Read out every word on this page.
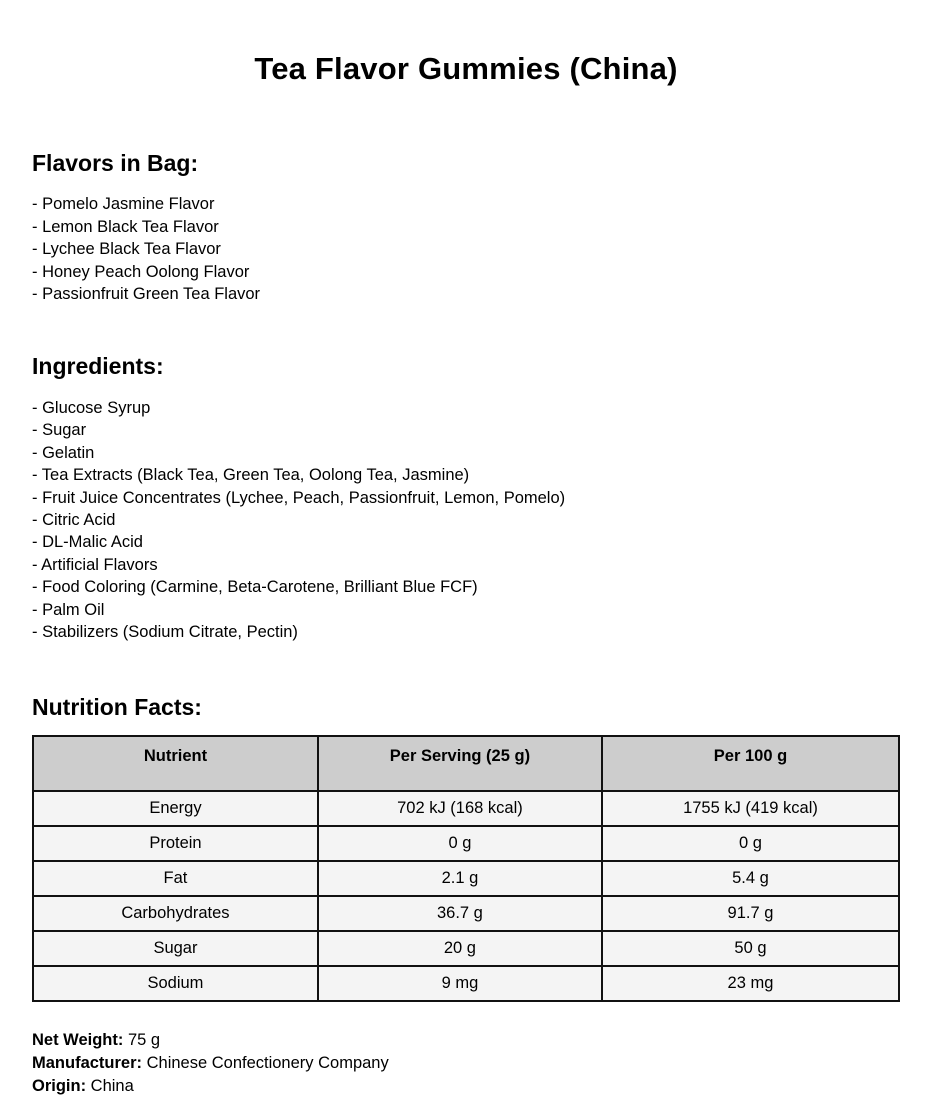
Tea Flavor Gummies (China)
Flavors in Bag:
- Pomelo Jasmine Flavor
- Lemon Black Tea Flavor
- Lychee Black Tea Flavor
- Honey Peach Oolong Flavor
- Passionfruit Green Tea Flavor
Ingredients:
- Glucose Syrup
- Sugar
- Gelatin
- Tea Extracts (Black Tea, Green Tea, Oolong Tea, Jasmine)
- Fruit Juice Concentrates (Lychee, Peach, Passionfruit, Lemon, Pomelo)
- Citric Acid
- DL-Malic Acid
- Artificial Flavors
- Food Coloring (Carmine, Beta-Carotene, Brilliant Blue FCF)
- Palm Oil
- Stabilizers (Sodium Citrate, Pectin)
Nutrition Facts:
Nutrient	Per Serving (25 g)	Per 100 g
Energy	702 kJ (168 kcal)	1755 kJ (419 kcal)
Protein	0 g	0 g
Fat	2.1 g	5.4 g
Carbohydrates	36.7 g	91.7 g
Sugar	20 g	50 g
Sodium	9 mg	23 mg

Net Weight: 75 g

Manufacturer: Chinese Confectionery Company

Origin: China
